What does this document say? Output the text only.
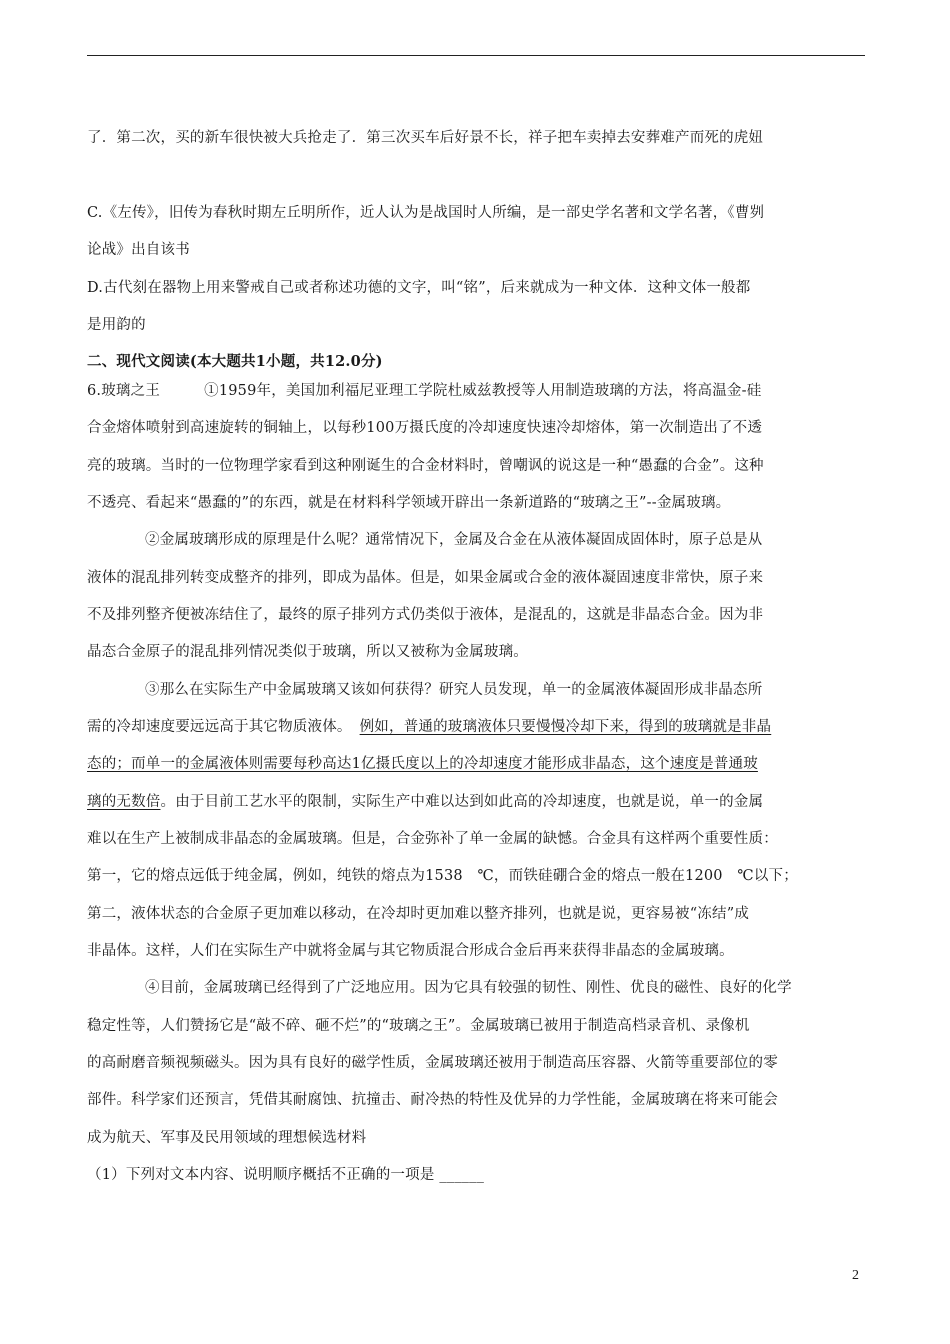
了．第二次，买的新车很快被大兵抢走了．第三次买车后好景不长，祥子把车卖掉去安葬难产而死的虎妞
C.《左传》，旧传为春秋时期左丘明所作，近人认为是战国时人所编，是一部史学名著和文学名著，《曹刿
论战》出自该书
D.古代刻在器物上用来警戒自己或者称述功德的文字，叫“铭”，后来就成为一种文体．这种文体一般都
是用韵的
二、现代文阅读(本大题共1小题，共12.0分)
6.玻璃之王　　　①1959年，美国加利福尼亚理工学院杜威兹教授等人用制造玻璃的方法，将高温金-硅
合金熔体喷射到高速旋转的铜轴上，以每秒100万摄氏度的冷却速度快速冷却熔体，第一次制造出了不透
亮的玻璃。当时的一位物理学家看到这种刚诞生的合金材料时，曾嘲讽的说这是一种“愚蠢的合金”。这种
不透亮、看起来“愚蠢的”的东西，就是在材料科学领域开辟出一条新道路的“玻璃之王”--金属玻璃。
②金属玻璃形成的原理是什么呢？通常情况下，金属及合金在从液体凝固成固体时，原子总是从
液体的混乱排列转变成整齐的排列，即成为晶体。但是，如果金属或合金的液体凝固速度非常快，原子来
不及排列整齐便被冻结住了，最终的原子排列方式仍类似于液体，是混乱的，这就是非晶态合金。因为非
晶态合金原子的混乱排列情况类似于玻璃，所以又被称为金属玻璃。
③那么在实际生产中金属玻璃又该如何获得？研究人员发现，单一的金属液体凝固形成非晶态所
需的冷却速度要远远高于其它物质液体。 例如，普通的玻璃液体只要慢慢冷却下来，得到的玻璃就是非晶
态的；而单一的金属液体则需要每秒高达1亿摄氏度以上的冷却速度才能形成非晶态，这个速度是普通玻
璃的无数倍。由于目前工艺水平的限制，实际生产中难以达到如此高的冷却速度，也就是说，单一的金属
难以在生产上被制成非晶态的金属玻璃。但是，合金弥补了单一金属的缺憾。合金具有这样两个重要性质：
第一，它的熔点远低于纯金属，例如，纯铁的熔点为1538　℃，而铁硅硼合金的熔点一般在1200　℃以下；
第二，液体状态的合金原子更加难以移动，在冷却时更加难以整齐排列，也就是说，更容易被“冻结”成
非晶体。这样，人们在实际生产中就将金属与其它物质混合形成合金后再来获得非晶态的金属玻璃。
④目前，金属玻璃已经得到了广泛地应用。因为它具有较强的韧性、刚性、优良的磁性、良好的化学
稳定性等，人们赞扬它是“敲不碎、砸不烂”的“玻璃之王”。金属玻璃已被用于制造高档录音机、录像机
的高耐磨音频视频磁头。因为具有良好的磁学性质，金属玻璃还被用于制造高压容器、火箭等重要部位的零
部件。科学家们还预言，凭借其耐腐蚀、抗撞击、耐冷热的特性及优异的力学性能，金属玻璃在将来可能会
成为航天、军事及民用领域的理想候选材料
（1）下列对文本内容、说明顺序概括不正确的一项是 ______
2
